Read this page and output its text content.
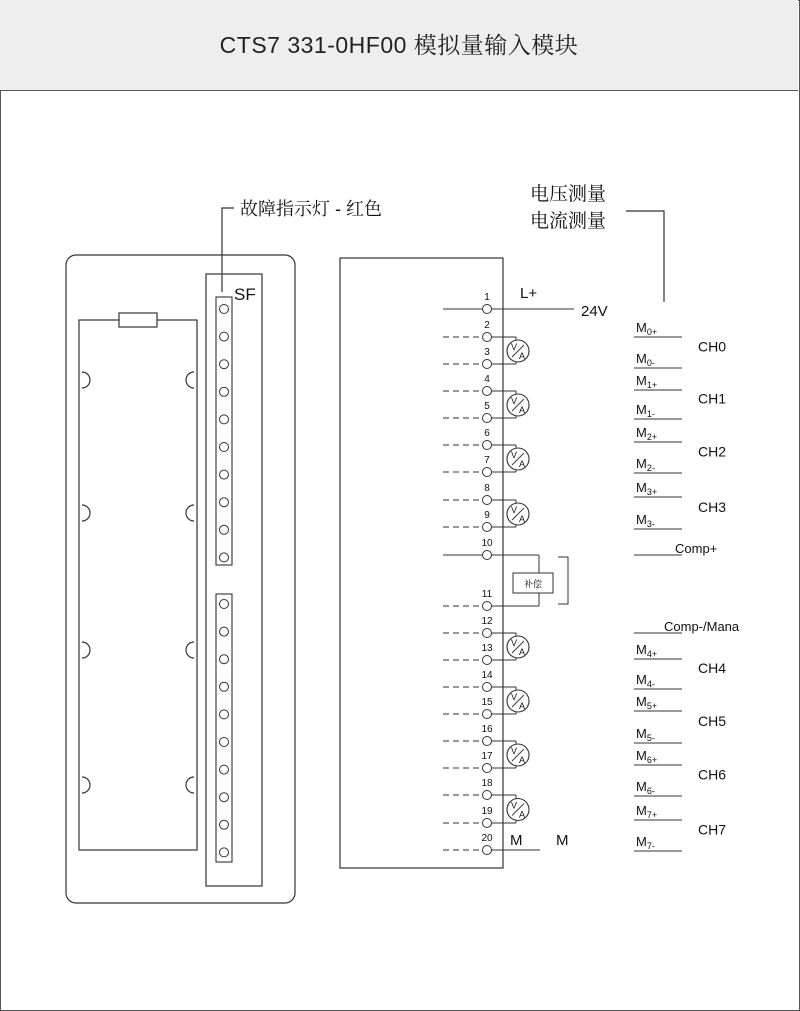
CTS7 331-0HF00 模拟量输入模块
故障指示灯 - 红色
SF
电压测量
电流测量
L+
24V
M M
1
2
3
4
5
6
7
8
9
10
11
12
13
14
15
16
17
18
19
20
V
A
V
A
V
A
V
A
V
A
V
A
V
A
V
A
补偿
Comp+
Comp-/Mana
$M_{0+}$
$M_{0-}$
CH0
$M_{1+}$
$M_{1-}$
CH1
$M_{2+}$
$M_{2-}$
CH2
$M_{3+}$
$M_{3-}$
CH3
$M_{4+}$
$M_{4-}$
CH4
$M_{5+}$
$M_{5-}$
CH5
$M_{6+}$
$M_{6-}$
CH6
$M_{7+}$
$M_{7-}$
CH7
